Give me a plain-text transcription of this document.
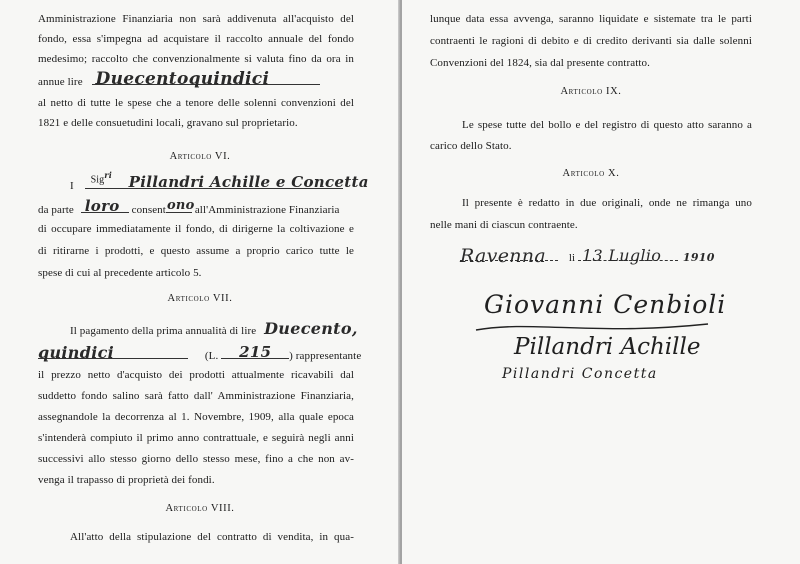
Amministrazione Finanziaria non sarà addivenuta all'acquisto del
fondo, essa s'impegna ad acquistare il raccolto annuale del fondo
medesimo; raccolto che convenzionalmente si valuta fino da ora in
annue lire Duecentoquindici
al netto di tutte le spese che a tenore delle solenni convenzioni del
1821 e delle consuetudini locali, gravano sul proprietario.
Articolo VI.
I
Sig$^{ri}$ Pillandri Achille e Concetta
da parte loro consent ono all'Amministrazione Finanziaria
di occupare immediatamente il fondo, di dirigerne la coltivazione e
di ritirarne i prodotti, e questo assume a proprio carico tutte le
spese di cui al precedente articolo 5.
Articolo VII.
Il pagamento della prima annualità di lire Duecento,
quindici	(L. 215 ) rappresentante
il prezzo netto d'acquisto dei prodotti attualmente ricavabili dal
suddetto fondo salino sarà fatto dall' Amministrazione Finanziaria,
assegnandole la decorrenza al 1. Novembre, 1909, alla quale epoca
s'intenderà compiuto il primo anno contrattuale, e seguirà negli anni
successivi allo stesso giorno dello stesso mese, fino a che non av-
venga il trapasso di proprietà dei fondi.
Articolo VIII.
All'atto della stipulazione del contratto di vendita, in qua-
lunque data essa avvenga, saranno liquidate e sistemate tra le parti
contraenti le ragioni di debito e di credito derivanti sia dalle solenni
Convenzioni del 1824, sia dal presente contratto.
Articolo IX.
Le spese tutte del bollo e del registro di questo atto saranno a
carico dello Stato.
Articolo X.
Il presente è redatto in due originali, onde ne rimanga uno
nelle mani di ciascun contraente.
Ravenna li 13 Luglio 1910
Giovanni Cenbioli
Pillandri Achille
Pillandri Concetta
